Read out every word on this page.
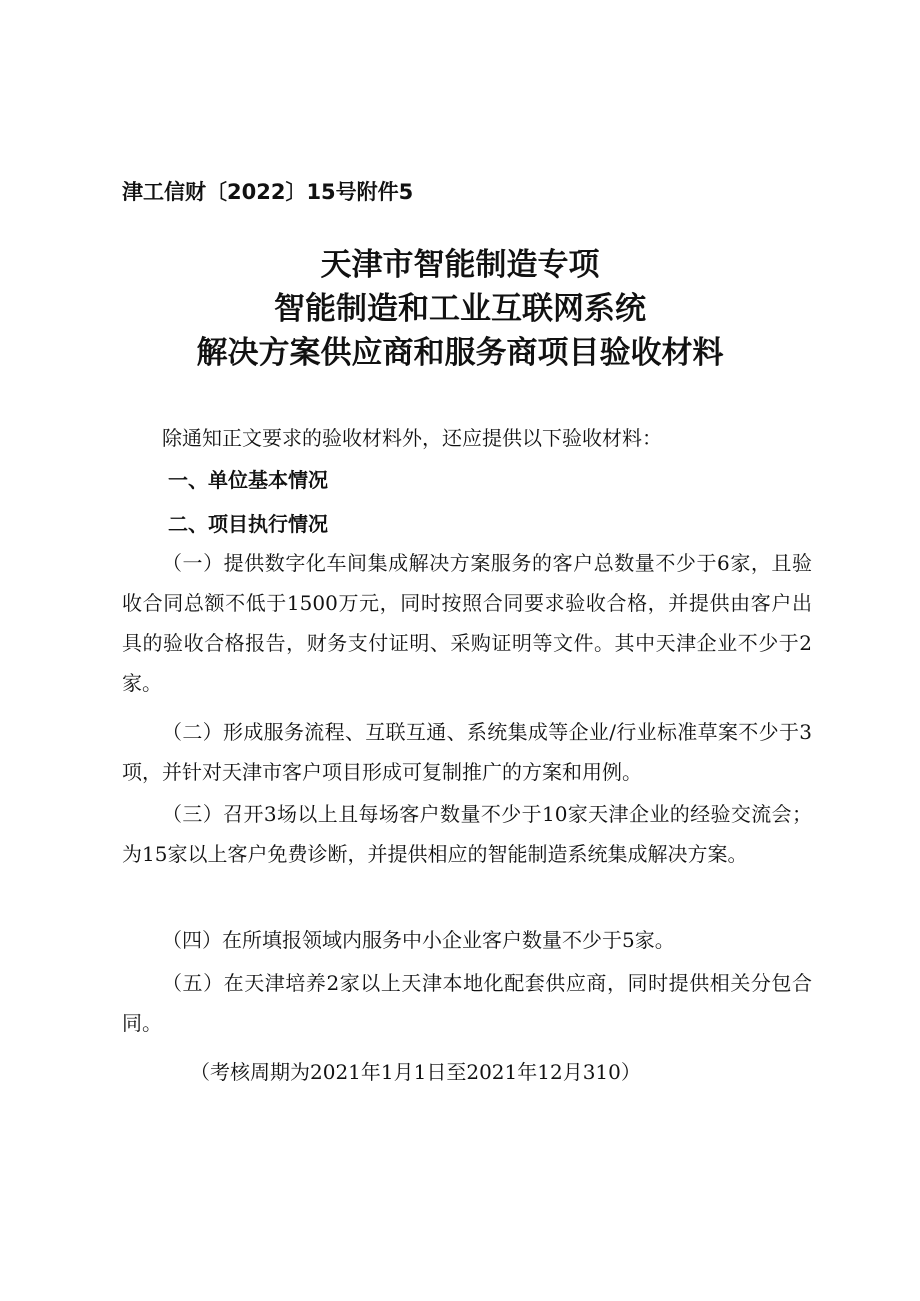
津工信财〔2022〕15号附件5
天津市智能制造专项
智能制造和工业互联网系统
解决方案供应商和服务商项目验收材料

除通知正文要求的验收材料外，还应提供以下验收材料：

一、单位基本情况
二、项目执行情况

（一）提供数字化车间集成解决方案服务的客户总数量不少于6家，且验收合同总额不低于1500万元，同时按照合同要求验收合格，并提供由客户出具的验收合格报告，财务支付证明、采购证明等文件。其中天津企业不少于2家。

（二）形成服务流程、互联互通、系统集成等企业/行业标准草案不少于3项，并针对天津市客户项目形成可复制推广的方案和用例。

（三）召开3场以上且每场客户数量不少于10家天津企业的经验交流会；为15家以上客户免费诊断，并提供相应的智能制造系统集成解决方案。

（四）在所填报领域内服务中小企业客户数量不少于5家。

（五）在天津培养2家以上天津本地化配套供应商，同时提供相关分包合同。

（考核周期为2021年1月1日至2021年12月310）
